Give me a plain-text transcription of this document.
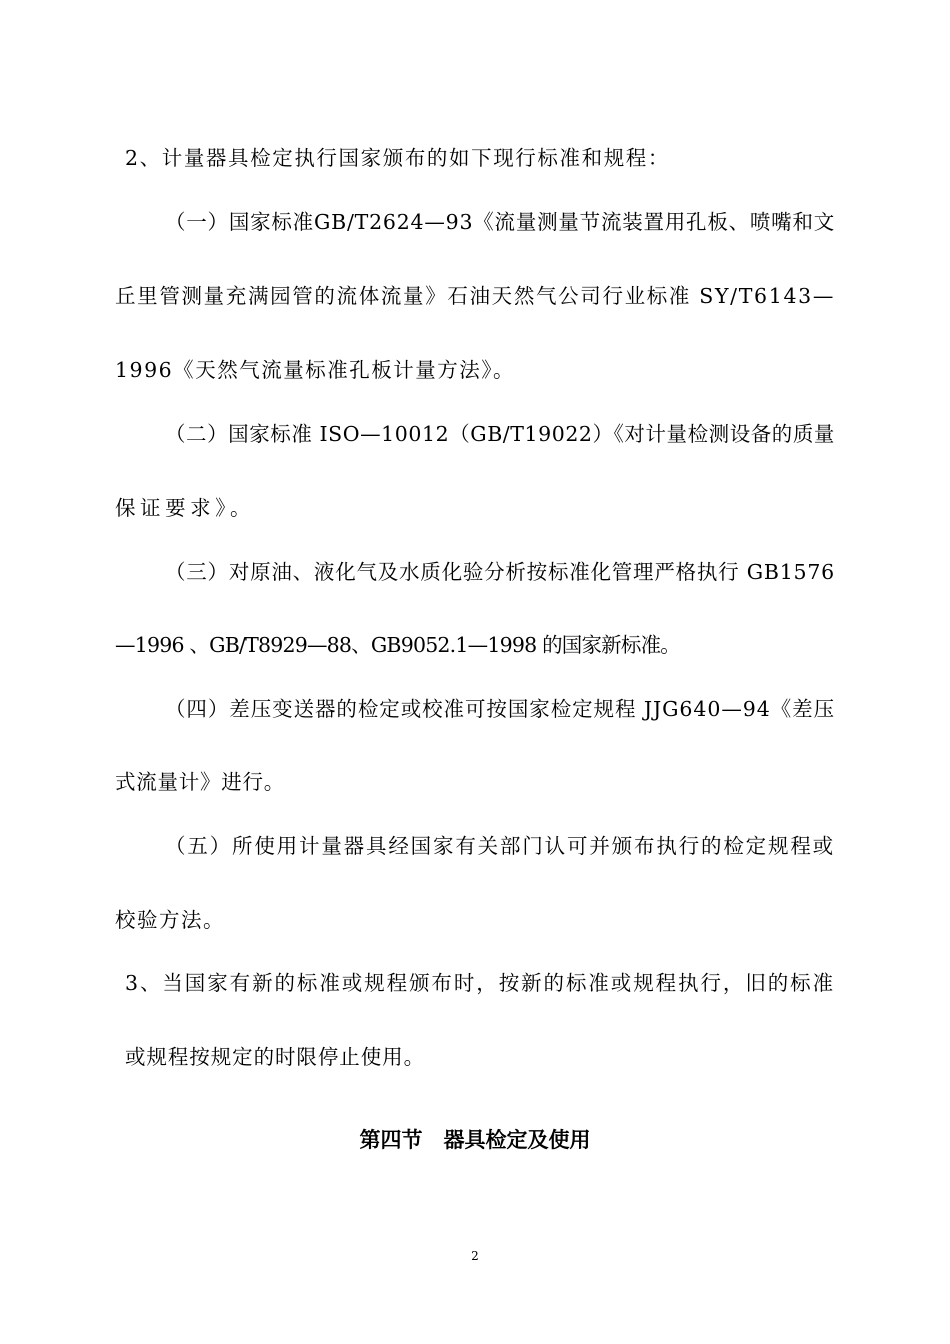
2、计量器具检定执行国家颁布的如下现行标准和规程：
（一）国家标准GB/T2624—93《流量测量节流装置用孔板、喷嘴和文
丘里管测量充满园管的流体流量》石油天然气公司行业标准 SY/T6143—
1996《天然气流量标准孔板计量方法》。
（二）国家标准 ISO—10012（GB/T19022）《对计量检测设备的质量
保证要求》。
（三）对原油、液化气及水质化验分析按标准化管理严格执行 GB1576
—1996 、GB/T8929—88、GB9052.1—1998 的国家新标准。
（四）差压变送器的检定或校准可按国家检定规程 JJG640—94《差压
式流量计》进行。
（五）所使用计量器具经国家有关部门认可并颁布执行的检定规程或
校验方法。
3、当国家有新的标准或规程颁布时，按新的标准或规程执行，旧的标准
或规程按规定的时限停止使用。
第四节　器具检定及使用
2
